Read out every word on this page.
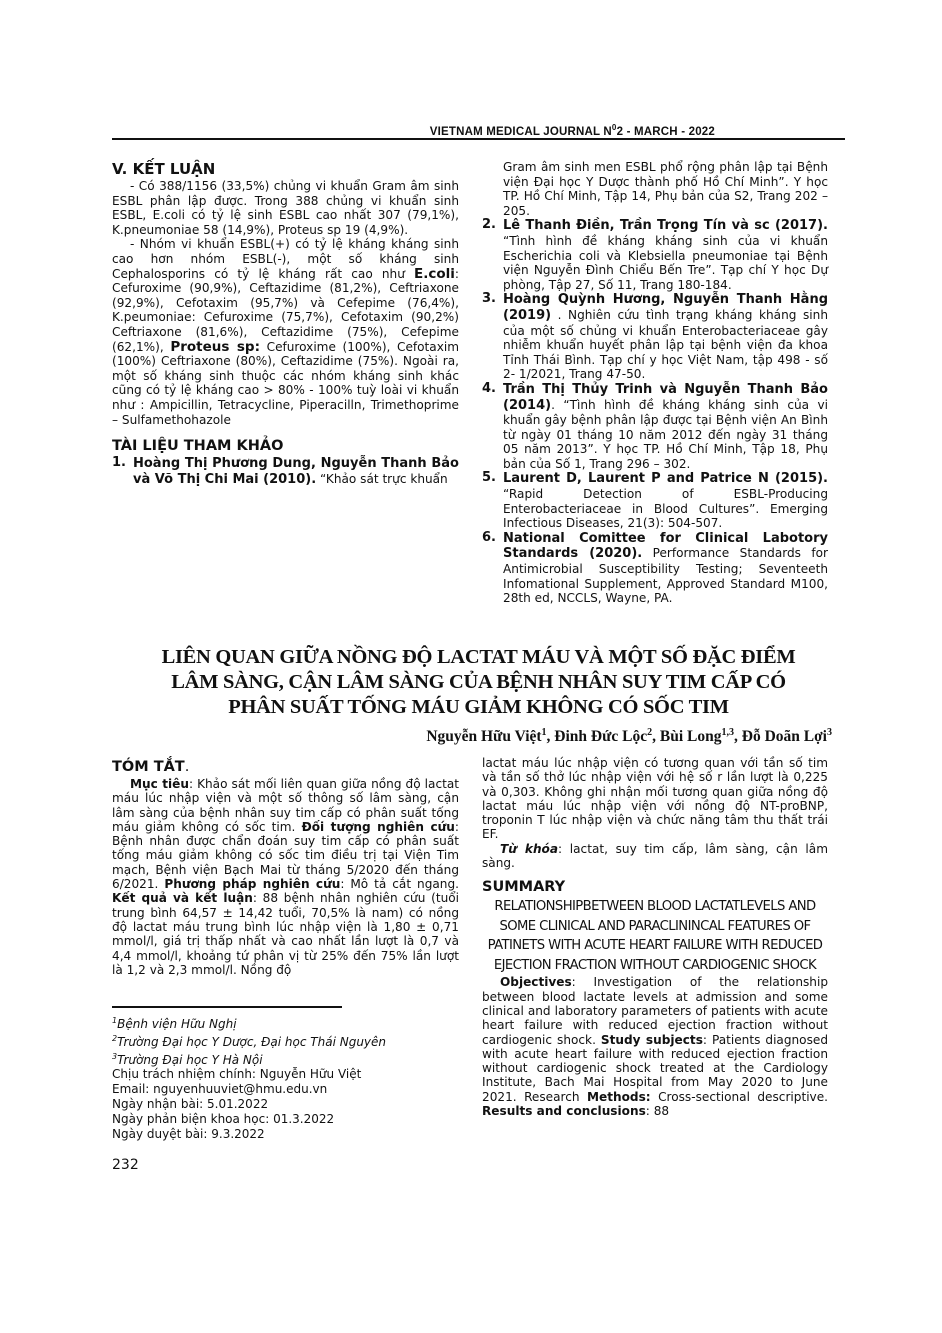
VIETNAM MEDICAL JOURNAL $N^02$ - MARCH - 2022

V. KẾT LUẬN

- Có 388/1156 (33,5%) chủng vi khuẩn Gram âm sinh ESBL phân lập được. Trong 388 chủng vi khuẩn sinh ESBL, E.coli có tỷ lệ sinh ESBL cao nhất 307 (79,1%), K.pneumoniae 58 (14,9%), Proteus sp 19 (4,9%).

- Nhóm vi khuẩn ESBL(+) có tỷ lệ kháng kháng sinh cao hơn nhóm ESBL(-), một số kháng sinh Cephalosporins có tỷ lệ kháng rất cao như E.coli: Cefuroxime (90,9%), Ceftazidime (81,2%), Ceftriaxone (92,9%), Cefotaxim (95,7%) và Cefepime (76,4%), K.peumoniae: Cefuroxime (75,7%), Cefotaxim (90,2%) Ceftriaxone (81,6%), Ceftazidime (75%), Cefepime (62,1%), Proteus sp: Cefuroxime (100%), Cefotaxim (100%) Ceftriaxone (80%), Ceftazidime (75%). Ngoài ra, một số kháng sinh thuộc các nhóm kháng sinh khác cũng có tỷ lệ kháng cao > 80% - 100% tuỳ loài vi khuẩn như : Ampicillin, Tetracycline, Piperacilln, Trimethoprime – Sulfamethohazole

TÀI LIỆU THAM KHẢO

1. Hoàng Thị Phương Dung, Nguyễn Thanh Bảo và Võ Thị Chi Mai (2010). “Khảo sát trực khuẩn
Gram âm sinh men ESBL phổ rộng phân lập tại Bệnh viện Đại học Y Dược thành phố Hồ Chí Minh”. Y học TP. Hồ Chí Minh, Tập 14, Phụ bản của S2, Trang 202 – 205.
2. Lê Thanh Điền, Trần Trọng Tín và sc (2017). “Tình hình đề kháng kháng sinh của vi khuẩn Escherichia coli và Klebsiella pneumoniae tại Bệnh viện Nguyễn Đình Chiểu Bến Tre”. Tạp chí Y học Dự phòng, Tập 27, Số 11, Trang 180-184.
3. Hoàng Quỳnh Hương, Nguyễn Thanh Hằng (2019) . Nghiên cứu tình trạng kháng kháng sinh của một số chủng vi khuẩn Enterobacteriaceae gây nhiễm khuẩn huyết phân lập tại bệnh viện đa khoa Tỉnh Thái Bình. Tạp chí y học Việt Nam, tập 498 - số 2- 1/2021, Trang 47-50.
4. Trần Thị Thủy Trinh và Nguyễn Thanh Bảo (2014). “Tình hình đề kháng kháng sinh của vi khuẩn gây bệnh phân lập được tại Bệnh viện An Bình từ ngày 01 tháng 10 năm 2012 đến ngày 31 tháng 05 năm 2013”. Y học TP. Hồ Chí Minh, Tập 18, Phụ bản của Số 1, Trang 296 – 302.
5. Laurent D, Laurent P and Patrice N (2015). “Rapid Detection of ESBL-Producing Enterobacteriaceae in Blood Cultures”. Emerging Infectious Diseases, 21(3): 504-507.
6. National Comittee for Clinical Labotory Standards (2020). Performance Standards for Antimicrobial Susceptibility Testing; Seventeeth Infomational Supplement, Approved Standard M100, 28th ed, NCCLS, Wayne, PA.
LIÊN QUAN GIỮA NỒNG ĐỘ LACTAT MÁU VÀ MỘT SỐ ĐẶC ĐIỂM
LÂM SÀNG, CẬN LÂM SÀNG CỦA BỆNH NHÂN SUY TIM CẤP CÓ
PHÂN SUẤT TỐNG MÁU GIẢM KHÔNG CÓ SỐC TIM
Nguyễn Hữu Việt$^1$, Đinh Đức Lộc$^2$, Bùi Long$^{1,3}$, Đỗ Doãn Lợi$^3$

TÓM TẮT.

Mục tiêu: Khảo sát mối liên quan giữa nồng độ lactat máu lúc nhập viện và một số thông số lâm sàng, cận lâm sàng của bệnh nhân suy tim cấp có phân suất tống máu giảm không có sốc tim. Đối tượng nghiên cứu: Bệnh nhân được chẩn đoán suy tim cấp có phân suất tống máu giảm không có sốc tim điều trị tại Viện Tim mạch, Bệnh viện Bạch Mai từ tháng 5/2020 đến tháng 6/2021. Phương pháp nghiên cứu: Mô tả cắt ngang. Kết quả và kết luận: 88 bệnh nhân nghiên cứu (tuổi trung bình 64,57 ± 14,42 tuổi, 70,5% là nam) có nồng độ lactat máu trung bình lúc nhập viện là 1,80 ± 0,71 mmol/l, giá trị thấp nhất và cao nhất lần lượt là 0,7 và 4,4 mmol/l, khoảng tứ phân vị từ 25% đến 75% lần lượt là 1,2 và 2,3 mmol/l. Nồng độ

lactat máu lúc nhập viện có tương quan với tần số tim và tần số thở lúc nhập viện với hệ số r lần lượt là 0,225 và 0,303. Không ghi nhận mối tương quan giữa nồng độ lactat máu lúc nhập viện với nồng độ NT-proBNP, troponin T lúc nhập viện và chức năng tâm thu thất trái EF.

Từ khóa: lactat, suy tim cấp, lâm sàng, cận lâm sàng.

SUMMARY

RELATIONSHIPBETWEEN BLOOD LACTATLEVELS AND SOME CLINICAL AND PARACLININCAL FEATURES OF PATINETS WITH ACUTE HEART FAILURE WITH REDUCED EJECTION FRACTION WITHOUT CARDIOGENIC SHOCK

Objectives: Investigation of the relationship between blood lactate levels at admission and some clinical and laboratory parameters of patients with acute heart failure with reduced ejection fraction without cardiogenic shock. Study subjects: Patients diagnosed with acute heart failure with reduced ejection fraction without cardiogenic shock treated at the Cardiology Institute, Bach Mai Hospital from May 2020 to June 2021. Research Methods: Cross-sectional descriptive. Results and conclusions: 88

$^1$Bệnh viện Hữu Nghị
$^2$Trường Đại học Y Dược, Đại học Thái Nguyên
$^3$Trường Đại học Y Hà Nội
Chịu trách nhiệm chính: Nguyễn Hữu Việt
Email: nguyenhuuviet@hmu.edu.vn
Ngày nhận bài: 5.01.2022
Ngày phản biện khoa học: 01.3.2022
Ngày duyệt bài: 9.3.2022
232
